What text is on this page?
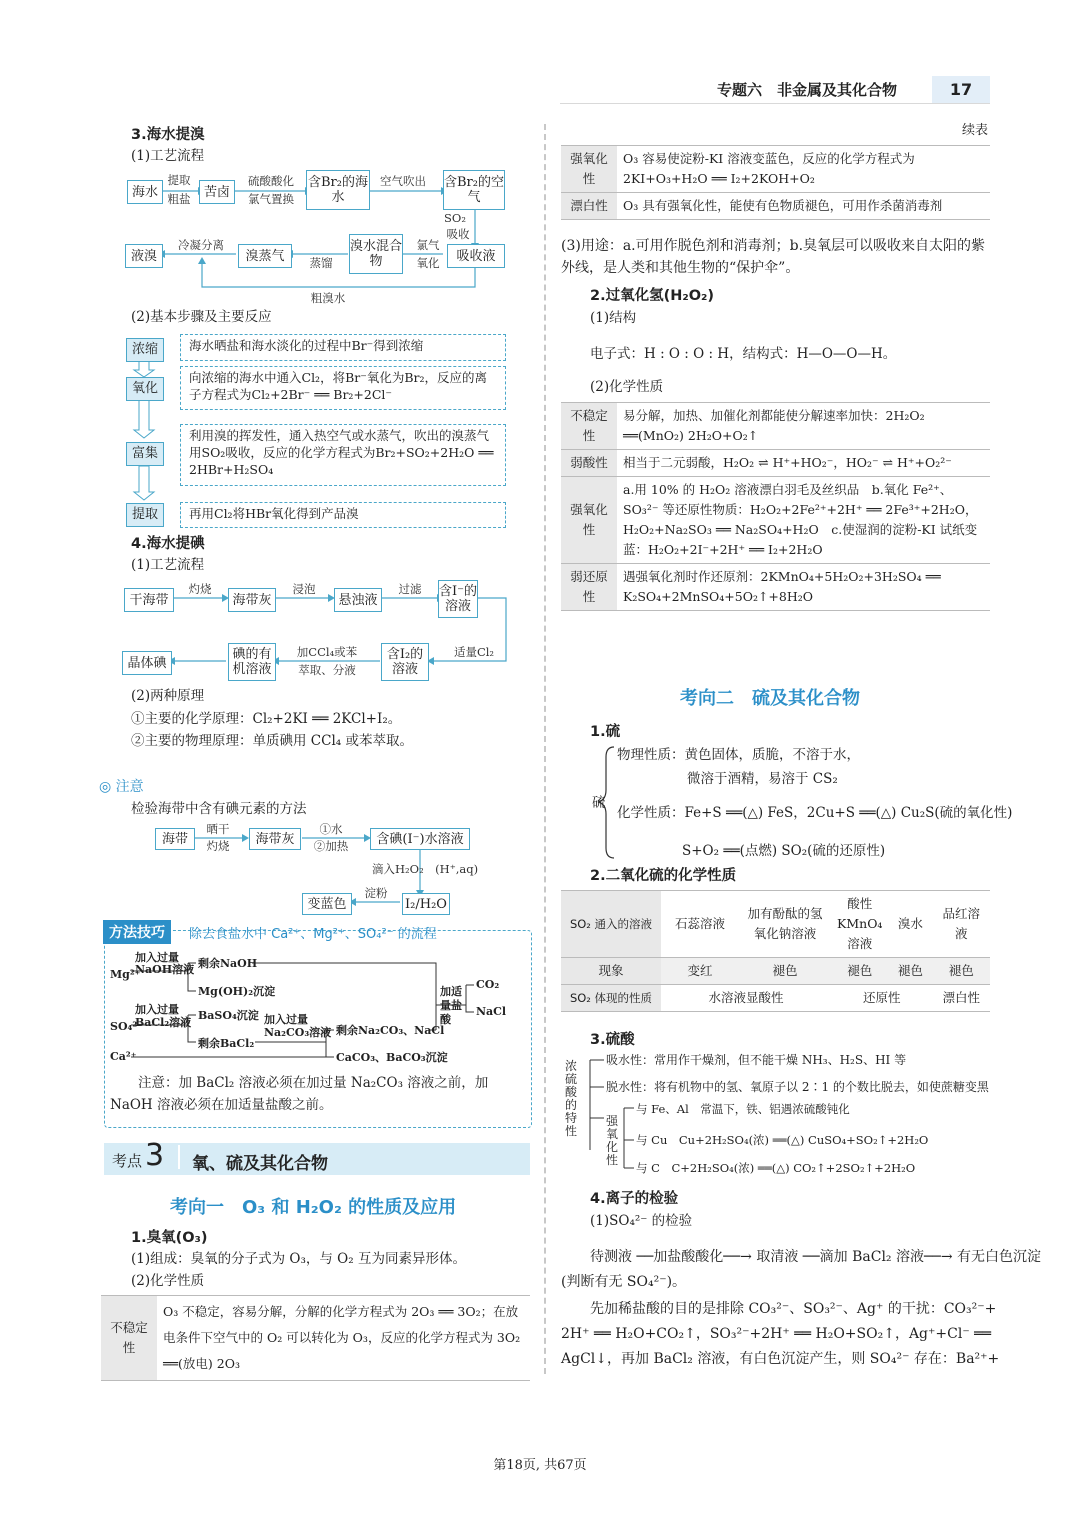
专题六　非金属及其化合物	17
3.海水提溴
(1)工艺流程
海水
提取
粗盐	苦卤
硫酸酸化
氯气置换
含Br₂的海水
空气吹出	含Br₂的空气
SO₂
吸收
吸收液
氯气
氧化
溴水混合物
蒸馏
溴蒸气
冷凝分离
液溴
粗溴水
(2)基本步骤及主要反应
浓缩	海水晒盐和海水淡化的过程中Br⁻得到浓缩
氧化
向浓缩的海水中通入Cl₂，将Br⁻氧化为Br₂，反应的离子方程式为Cl₂+2Br⁻ ══ Br₂+2Cl⁻
富集
利用溴的挥发性，通入热空气或水蒸气，吹出的溴蒸气用SO₂吸收，反应的化学方程式为Br₂+SO₂+2H₂O ══ 2HBr+H₂SO₄
提取	再用Cl₂将HBr氧化得到产品溴
4.海水提碘
(1)工艺流程
干海带
灼烧
海带灰
浸泡
悬浊液
过滤	含I⁻的溶液
适量Cl₂
含I₂的溶液
加CCl₄或苯
萃取、分液
碘的有机溶液
晶体碘
(2)两种原理
①主要的化学原理：Cl₂+2KI ══ 2KCl+I₂。
②主要的物理原理：单质碘用 CCl₄ 或苯萃取。
◎ 注意
检验海带中含有碘元素的方法
海带
晒干
灼烧	海带灰
①水
②加热	含碘(I⁻)水溶液
滴入H₂O₂　(H⁺,aq)
I₂/H₂O
淀粉
变蓝色
方法技巧	除去食盐水中 Ca²⁺、Mg²⁺、SO₄²⁻ 的流程
Mg²⁺
加入过量
NaOH溶液 剩余NaOH
Mg(OH)₂沉淀
SO₄²⁻
加入过量
BaCl₂溶液
BaSO₄沉淀
剩余BaCl₂
加入过量
Na₂CO₃溶液 剩余Na₂CO₃、NaCl
CaCO₃、BaCO₃沉淀
Ca²⁺
加适量盐酸
CO₂
NaCl
注意：加 BaCl₂ 溶液必须在加过量 Na₂CO₃ 溶液之前，加 NaOH 溶液必须在加适量盐酸之前。
考点 3 氧、硫及其化合物
考向一　O₃ 和 H₂O₂ 的性质及应用
1.臭氧(O₃)
(1)组成：臭氧的分子式为 O₃，与 O₂ 互为同素异形体。
(2)化学性质
不稳定性	O₃ 不稳定，容易分解，分解的化学方程式为 2O₃ ══ 3O₂；在放电条件下空气中的 O₂ 可以转化为 O₃，反应的化学方程式为 3O₂ ══(放电) 2O₃
续表
强氧化性	O₃ 容易使淀粉-KI 溶液变蓝色，反应的化学方程式为 2KI+O₃+H₂O ══ I₂+2KOH+O₂
漂白性	O₃ 具有强氧化性，能使有色物质褪色，可用作杀菌消毒剂
(3)用途：a.可用作脱色剂和消毒剂；b.臭氧层可以吸收来自太阳的紫外线，是人类和其他生物的“保护伞”。
2.过氧化氢(H₂O₂)
(1)结构
电子式：H : O : O : H，结构式：H—O—O—H。
(2)化学性质
不稳定性	易分解，加热、加催化剂都能使分解速率加快：2H₂O₂ ══(MnO₂) 2H₂O+O₂↑
弱酸性	相当于二元弱酸，H₂O₂ ⇌ H⁺+HO₂⁻，HO₂⁻ ⇌ H⁺+O₂²⁻
强氧化性	a.用 10% 的 H₂O₂ 溶液漂白羽毛及丝织品　b.氧化 Fe²⁺、SO₃²⁻ 等还原性物质：H₂O₂+2Fe²⁺+2H⁺ ══ 2Fe³⁺+2H₂O，H₂O₂+Na₂SO₃ ══ Na₂SO₄+H₂O　c.使湿润的淀粉-KI 试纸变蓝：H₂O₂+2I⁻+2H⁺ ══ I₂+2H₂O
弱还原性	遇强氧化剂时作还原剂：2KMnO₄+5H₂O₂+3H₂SO₄ ══ K₂SO₄+2MnSO₄+5O₂↑+8H₂O
考向二　硫及其化合物
1.硫
硫
物理性质：黄色固体，质脆，不溶于水，
微溶于酒精，易溶于 CS₂
化学性质：Fe+S ══(△) FeS，2Cu+S ══(△) Cu₂S(硫的氧化性)
S+O₂ ══(点燃) SO₂(硫的还原性)
2.二氧化硫的化学性质
SO₂ 通入的溶液	石蕊溶液	加有酚酞的氢氧化钠溶液	酸性KMnO₄溶液	溴水	品红溶液
现象	变红	褪色	褪色	褪色	褪色
SO₂ 体现的性质	水溶液显酸性		还原性		漂白性
3.硫酸
浓硫酸的特性
吸水性：常用作干燥剂，但不能干燥 NH₃、H₂S、HI 等
脱水性：将有机物中的氢、氧原子以 2∶1 的个数比脱去，如使蔗糖变黑
强氧化性
与 Fe、Al　常温下，铁、铝遇浓硫酸钝化
与 Cu　Cu+2H₂SO₄(浓) ══(△) CuSO₄+SO₂↑+2H₂O
与 C　C+2H₂SO₄(浓) ══(△) CO₂↑+2SO₂↑+2H₂O
4.离子的检验
(1)SO₄²⁻ 的检验
待测液 ──加盐酸酸化──→ 取清液 ──滴加 BaCl₂ 溶液──→ 有无白色沉淀
(判断有无 SO₄²⁻)。
先加稀盐酸的目的是排除 CO₃²⁻、SO₃²⁻、Ag⁺ 的干扰：CO₃²⁻+
2H⁺ ══ H₂O+CO₂↑，SO₃²⁻+2H⁺ ══ H₂O+SO₂↑，Ag⁺+Cl⁻ ══
AgCl↓，再加 BaCl₂ 溶液，有白色沉淀产生，则 SO₄²⁻ 存在：Ba²⁺+
第18页, 共67页
